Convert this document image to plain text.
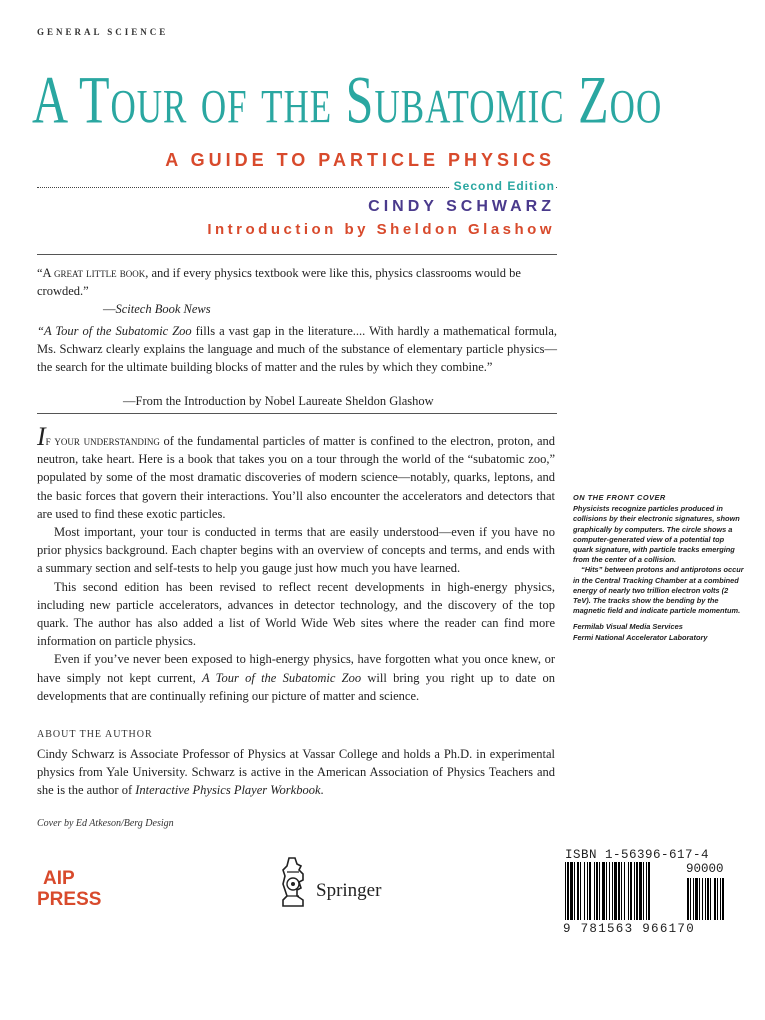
GENERAL SCIENCE
A Tour of the Subatomic Zoo
A GUIDE TO PARTICLE PHYSICS
Second Edition
CINDY SCHWARZ
Introduction by Sheldon Glashow
“A great little book, and if every physics textbook were like this, physics classrooms would be crowded.”
—Scitech Book News
“A Tour of the Subatomic Zoo fills a vast gap in the literature.... With hardly a mathematical formula, Ms. Schwarz clearly explains the language and much of the substance of elementary particle physics—the search for the ultimate building blocks of matter and the rules by which they combine.”
—From the Introduction by Nobel Laureate Sheldon Glashow

If your understanding of the fundamental particles of matter is confined to the electron, proton, and neutron, take heart. Here is a book that takes you on a tour through the world of the “subatomic zoo,” populated by some of the most dramatic discoveries of modern science—notably, quarks, leptons, and the basic forces that govern their interactions. You’ll also encounter the accelerators and detectors that are used to find these exotic particles.

Most important, your tour is conducted in terms that are easily understood—even if you have no prior physics background. Each chapter begins with an overview of concepts and terms, and ends with a summary section and self-tests to help you gauge just how much you have learned.

This second edition has been revised to reflect recent developments in high-energy physics, including new particle accelerators, advances in detector technology, and the discovery of the top quark. The author has also added a list of World Wide Web sites where the reader can find more information on particle physics.

Even if you’ve never been exposed to high-energy physics, have forgotten what you once knew, or have simply not kept current, A Tour of the Subatomic Zoo will bring you right up to date on developments that are continually refining our picture of matter and science.

ABOUT THE AUTHOR
Cindy Schwarz is Associate Professor of Physics at Vassar College and holds a Ph.D. in experimental physics from Yale University. Schwarz is active in the American Association of Physics Teachers and she is the author of Interactive Physics Player Workbook.
Cover by Ed Atkeson/Berg Design
ON THE FRONT COVER

Physicists recognize particles produced in collisions by their electronic signatures, shown graphically by computers. The circle shows a computer-generated view of a potential top quark signature, with particle tracks emerging from the center of a collision.

“Hits” between protons and antiprotons occur in the Central Tracking Chamber at a combined energy of nearly two trillion electron volts (2 TeV). The tracks show the bending by the magnetic field and indicate particle momentum.

Fermilab Visual Media Services
Fermi National Accelerator Laboratory
AIP
PRESS	Springer
ISBN 1-56396-617-4
90000
9 781563 966170
